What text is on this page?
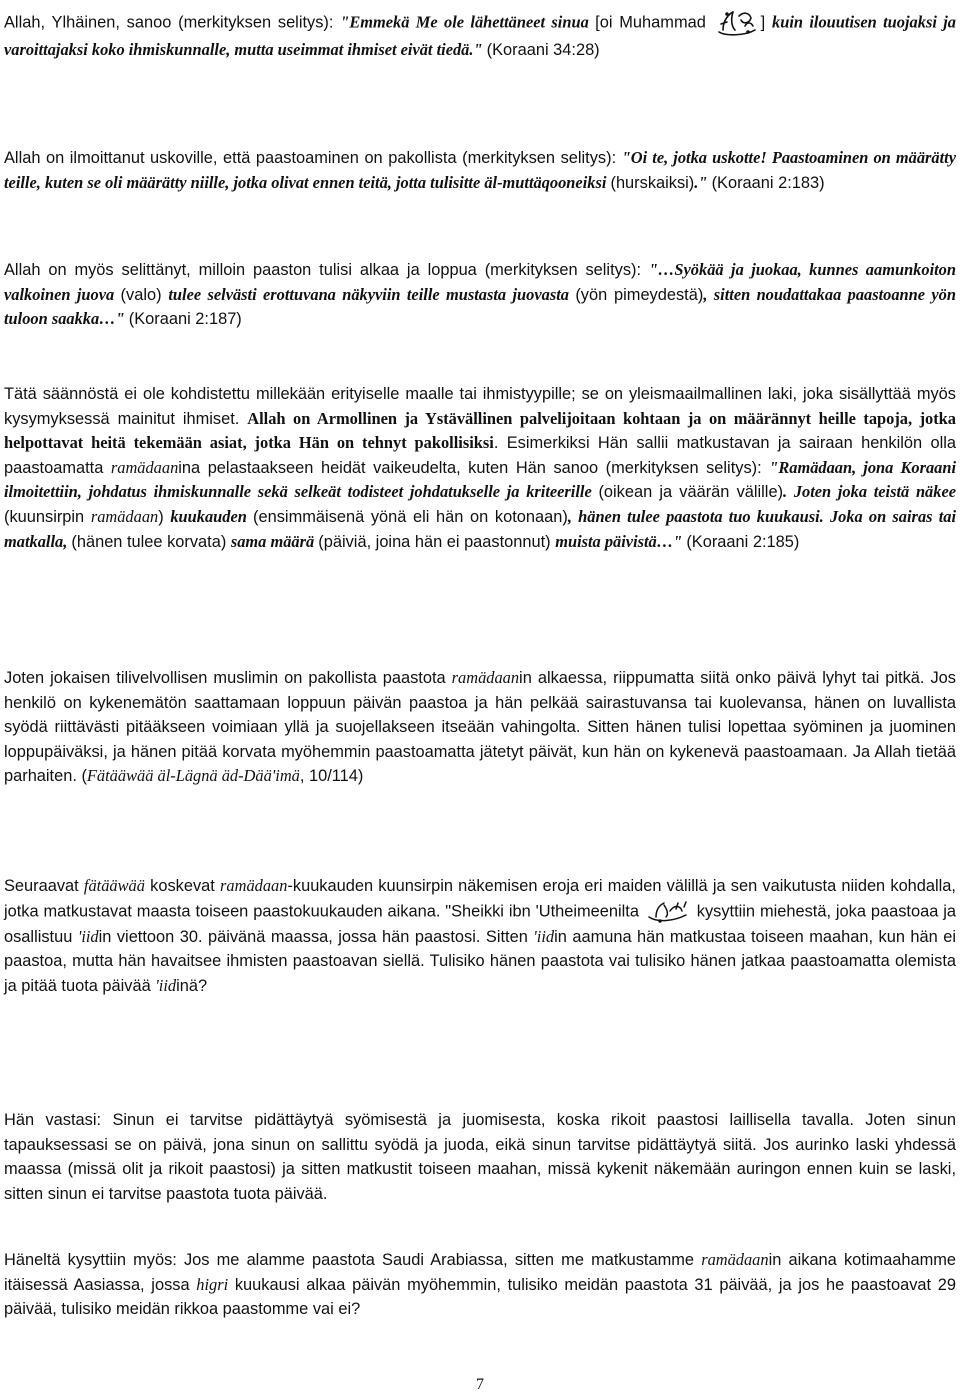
Allah, Ylhäinen, sanoo (merkityksen selitys): "Emmekä Me ole lähettäneet sinua [oi Muhammad	] kuin ilouutisen tuojaksi ja varoittajaksi koko ihmiskunnalle, mutta useimmat ihmiset eivät tiedä." (Koraani 34:28)

Allah on ilmoittanut uskoville, että paastoaminen on pakollista (merkityksen selitys): "Oi te, jotka uskotte! Paastoaminen on määrätty teille, kuten se oli määrätty niille, jotka olivat ennen teitä, jotta tulisitte äl-muttäqooneiksi (hurskaiksi)." (Koraani 2:183)

Allah on myös selittänyt, milloin paaston tulisi alkaa ja loppua (merkityksen selitys): "…Syökää ja juokaa, kunnes aamunkoiton valkoinen juova (valo) tulee selvästi erottuvana näkyviin teille mustasta juovasta (yön pimeydestä), sitten noudattakaa paastoanne yön tuloon saakka…" (Koraani 2:187)

Tätä säännöstä ei ole kohdistettu millekään erityiselle maalle tai ihmistyypille; se on yleismaailmallinen laki, joka sisällyttää myös kysymyksessä mainitut ihmiset. Allah on Armollinen ja Ystävällinen palvelijoitaan kohtaan ja on määrännyt heille tapoja, jotka helpottavat heitä tekemään asiat, jotka Hän on tehnyt pakollisiksi. Esimerkiksi Hän sallii matkustavan ja sairaan henkilön olla paastoamatta ramädaanina pelastaakseen heidät vaikeudelta, kuten Hän sanoo (merkityksen selitys): "Ramädaan, jona Koraani ilmoitettiin, johdatus ihmiskunnalle sekä selkeät todisteet johdatukselle ja kriteerille (oikean ja väärän välille). Joten joka teistä näkee (kuunsirpin ramädaan) kuukauden (ensimmäisenä yönä eli hän on kotonaan), hänen tulee paastota tuo kuukausi. Joka on sairas tai matkalla, (hänen tulee korvata) sama määrä (päiviä, joina hän ei paastonnut) muista päivistä…" (Koraani 2:185)

Joten jokaisen tilivelvollisen muslimin on pakollista paastota ramädaanin alkaessa, riippumatta siitä onko päivä lyhyt tai pitkä. Jos henkilö on kykenemätön saattamaan loppuun päivän paastoa ja hän pelkää sairastuvansa tai kuolevansa, hänen on luvallista syödä riittävästi pitääkseen voimiaan yllä ja suojellakseen itseään vahingolta. Sitten hänen tulisi lopettaa syöminen ja juominen loppupäiväksi, ja hänen pitää korvata myöhemmin paastoamatta jätetyt päivät, kun hän on kykenevä paastoamaan. Ja Allah tietää parhaiten. (Fätääwää äl-Lägnä äd-Dää'imä, 10/114)

Seuraavat fätääwää koskevat ramädaan-kuukauden kuunsirpin näkemisen eroja eri maiden välillä ja sen vaikutusta niiden kohdalla, jotka matkustavat maasta toiseen paastokuukauden aikana. "Sheikki ibn 'Utheimeenilta	kysyttiin miehestä, joka paastoaa ja osallistuu 'iidin viettoon 30. päivänä maassa, jossa hän paastosi. Sitten 'iidin aamuna hän matkustaa toiseen maahan, kun hän ei paastoa, mutta hän havaitsee ihmisten paastoavan siellä. Tulisiko hänen paastota vai tulisiko hänen jatkaa paastoamatta olemista ja pitää tuota päivää 'iidinä?

Hän vastasi: Sinun ei tarvitse pidättäytyä syömisestä ja juomisesta, koska rikoit paastosi laillisella tavalla. Joten sinun tapauksessasi se on päivä, jona sinun on sallittu syödä ja juoda, eikä sinun tarvitse pidättäytyä siitä. Jos aurinko laski yhdessä maassa (missä olit ja rikoit paastosi) ja sitten matkustit toiseen maahan, missä kykenit näkemään auringon ennen kuin se laski, sitten sinun ei tarvitse paastota tuota päivää.

Häneltä kysyttiin myös: Jos me alamme paastota Saudi Arabiassa, sitten me matkustamme ramädaanin aikana kotimaahamme itäisessä Aasiassa, jossa higri kuukausi alkaa päivän myöhemmin, tulisiko meidän paastota 31 päivää, ja jos he paastoavat 29 päivää, tulisiko meidän rikkoa paastomme vai ei?

7
